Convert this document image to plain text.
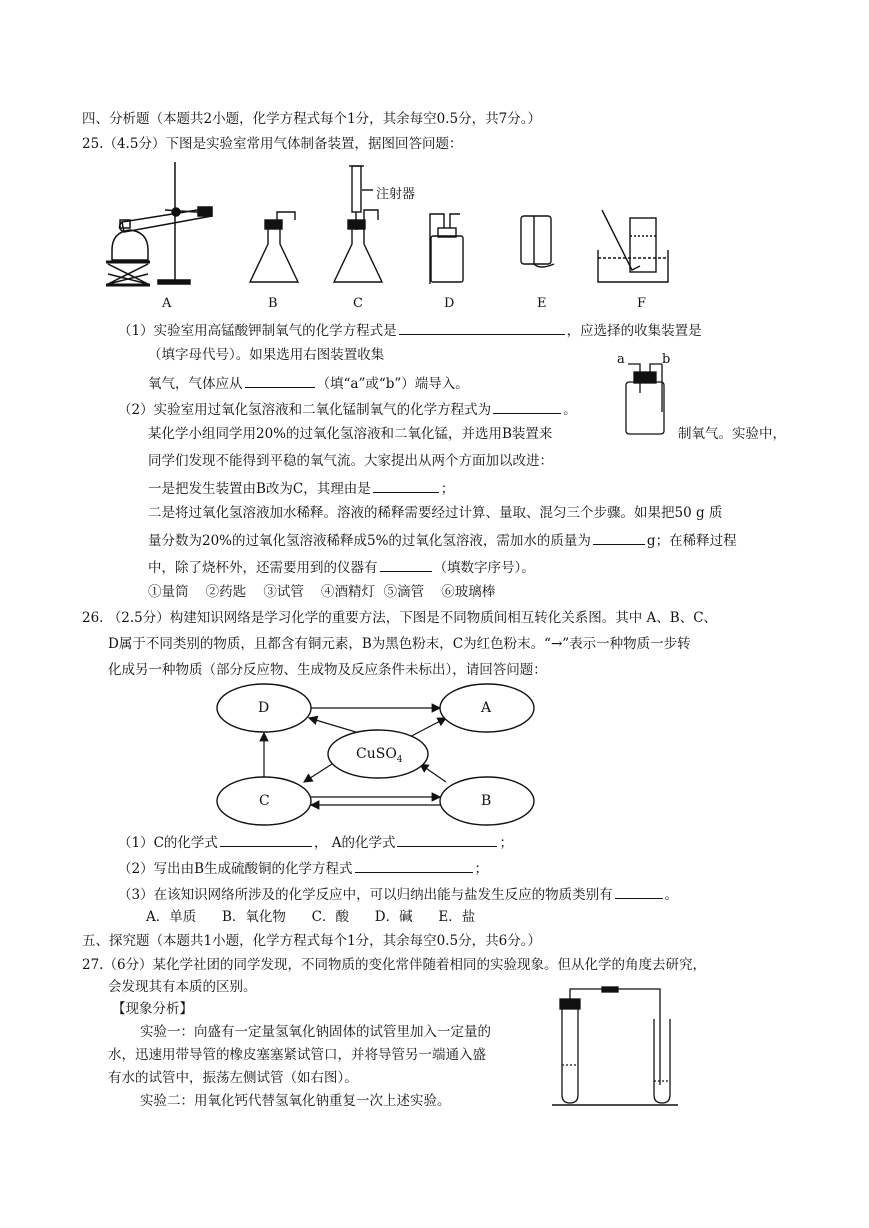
四、分析题（本题共2小题，化学方程式每个1分，其余每空0.5分，共7分。）
25.（4.5分）下图是实验室常用气体制备装置，据图回答问题：
注射器
A	B	C	D	E	F
（1）实验室用高锰酸钾制氧气的化学方程式是	，应选择的收集装置是
（填字母代号）。如果选用右图装置收集
氧气，气体应从	（填“a”或“b”）端导入。
a	b
（2）实验室用过氧化氢溶液和二氧化锰制氧气的化学方程式为	。
某化学小组同学用20%的过氧化氢溶液和二氧化锰，并选用B装置来	制氧气。实验中，
同学们发现不能得到平稳的氧气流。大家提出从两个方面加以改进：
一是把发生装置由B改为C，其理由是	；
二是将过氧化氢溶液加水稀释。溶液的稀释需要经过计算、量取、混匀三个步骤。如果把50 g 质
量分数为20%的过氧化氢溶液稀释成5%的过氧化氢溶液，需加水的质量为	g；在稀释过程
中，除了烧杯外，还需要用到的仪器有	（填数字序号）。
①量筒 ②药匙 ③试管 ④酒精灯 ⑤滴管 ⑥玻璃棒
26. （2.5分）构建知识网络是学习化学的重要方法，下图是不同物质间相互转化关系图。其中 A、B、C、
D属于不同类别的物质，且都含有铜元素，B为黑色粉末，C为红色粉末。“→”表示一种物质一步转
化成另一种物质（部分反应物、生成物及反应条件未标出），请回答问题：
D	A
CuSO$_4$
C	B
（1）C的化学式	， A的化学式	；
（2）写出由B生成硫酸铜的化学方程式	；
（3）在该知识网络所涉及的化学反应中，可以归纳出能与盐发生反应的物质类别有	。
A．单质 B．氧化物 C．酸 D．碱 E．盐
五、探究题（本题共1小题，化学方程式每个1分，其余每空0.5分，共6分。）
27.（6分）某化学社团的同学发现，不同物质的变化常伴随着相同的实验现象。但从化学的角度去研究，
会发现其有本质的区别。
【现象分析】
实验一：向盛有一定量氢氧化钠固体的试管里加入一定量的
水，迅速用带导管的橡皮塞塞紧试管口，并将导管另一端通入盛
有水的试管中，振荡左侧试管（如右图）。
实验二：用氧化钙代替氢氧化钠重复一次上述实验。
